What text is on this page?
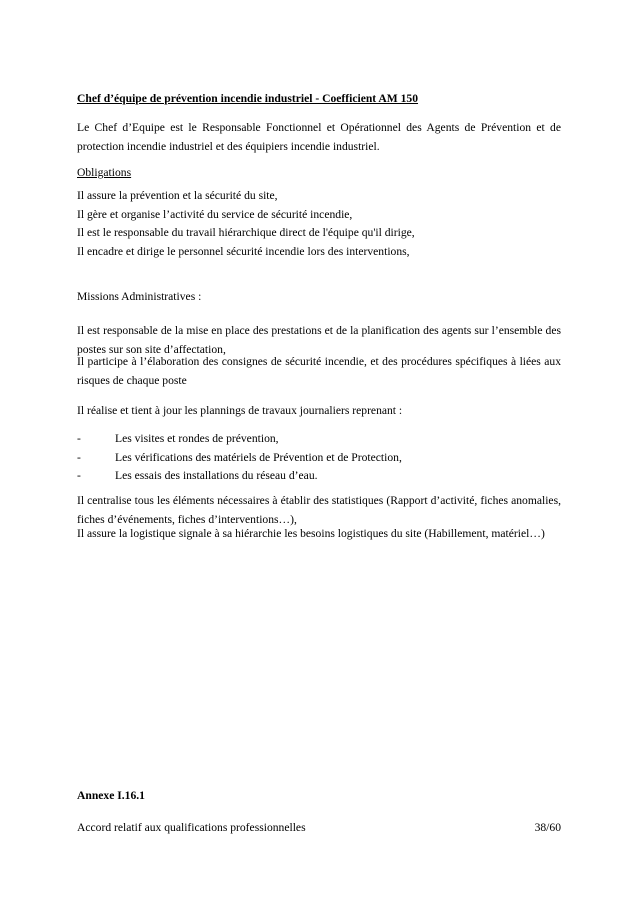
Chef d’équipe de prévention incendie industriel - Coefficient AM 150
Le Chef d’Equipe est le Responsable Fonctionnel et Opérationnel des Agents de Prévention et de protection incendie industriel et des équipiers incendie industriel.
Obligations
Il assure la prévention et la sécurité du site,
Il gère et organise l’activité du service de sécurité incendie,
Il est le responsable du travail hiérarchique direct de l'équipe qu'il dirige,
Il encadre et dirige le personnel sécurité incendie lors des interventions,
Missions Administratives :
Il est responsable de la mise en place des prestations et de la planification des agents sur l’ensemble des postes sur son site d’affectation,
Il participe à l’élaboration des consignes de sécurité incendie, et des procédures spécifiques à liées aux risques de chaque poste
Il réalise et tient à jour les plannings de travaux journaliers reprenant :
-	Les visites et rondes de prévention,
-	Les vérifications des matériels de Prévention et de Protection,
-	Les essais des installations du réseau d’eau.
Il centralise tous les éléments nécessaires à établir des statistiques (Rapport d’activité, fiches anomalies, fiches d’événements, fiches d’interventions…),
Il assure la logistique signale à sa hiérarchie les besoins logistiques du site (Habillement, matériel…)
Annexe I.16.1
Accord relatif aux qualifications professionnelles	38/60
